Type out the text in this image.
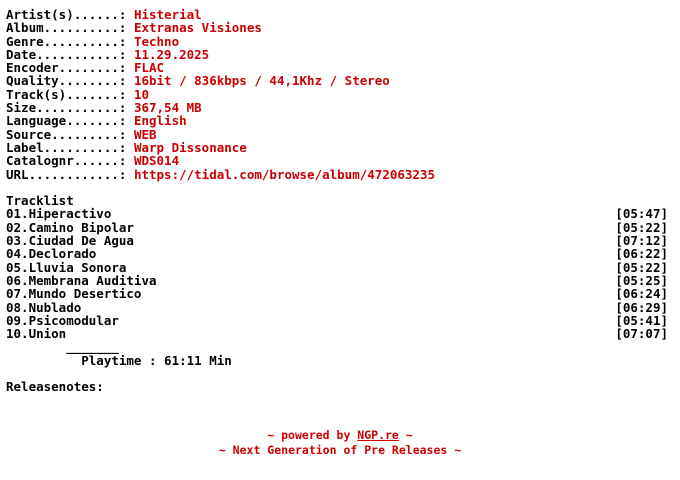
Artist(s)......: Histerial
Album..........: Extranas Visiones
Genre..........: Techno
Date...........: 11.29.2025
Encoder........: FLAC
Quality........: 16bit / 836kbps / 44,1Khz / Stereo
Track(s).......: 10
Size...........: 367,54 MB
Language.......: English
Source.........: WEB
Label..........: Warp Dissonance
Catalognr......: WDS014
URL............: https://tidal.com/browse/album/472063235
Tracklist
01.Hiperactivo	[05:47]
02.Camino Bipolar	[05:22]
03.Ciudad De Agua	[07:12]
04.Declorado	[06:22]
05.Lluvia Sonora	[05:22]
06.Membrana Auditiva	[05:25]
07.Mundo Desertico	[06:24]
08.Nublado	[06:29]
09.Psicomodular	[05:41]
10.Union	[07:07]
_______
Playtime : 61:11 Min
Releasenotes:
~ powered by NGP.re ~
~ Next Generation of Pre Releases ~
